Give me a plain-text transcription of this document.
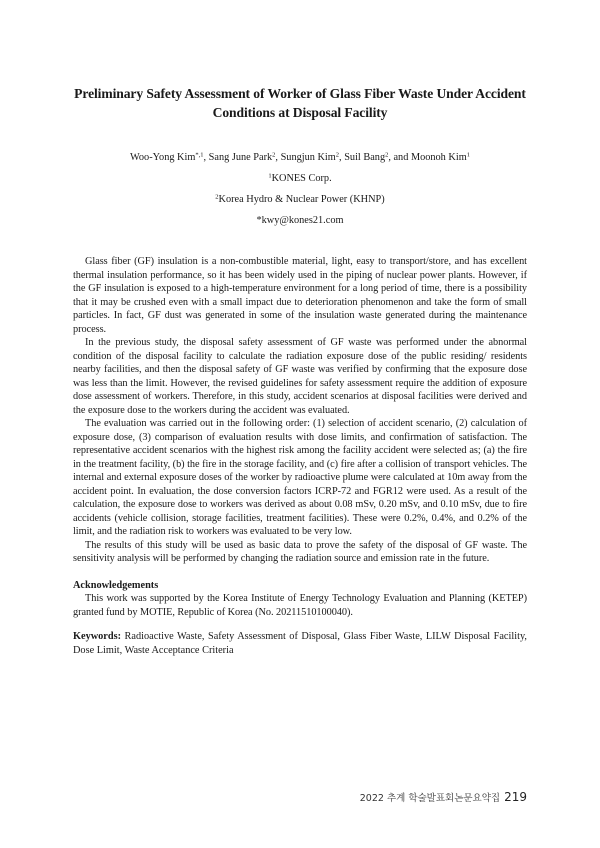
Preliminary Safety Assessment of Worker of Glass Fiber Waste Under Accident
Conditions at Disposal Facility
Woo-Yong Kim$^{*,1}$, Sang June Park$^2$, Sungjun Kim$^2$, Suil Bang$^2$, and Moonoh Kim$^1$
$^1$KONES Corp.
$^2$Korea Hydro & Nuclear Power (KHNP)
*kwy@kones21.com

Glass fiber (GF) insulation is a non-combustible material, light, easy to transport/store, and has excellent thermal insulation performance, so it has been widely used in the piping of nuclear power plants. However, if the GF insulation is exposed to a high-temperature environment for a long period of time, there is a possibility that it may be crushed even with a small impact due to deterioration phenomenon and take the form of small particles. In fact, GF dust was generated in some of the insulation waste generated during the maintenance process.

In the previous study, the disposal safety assessment of GF waste was performed under the abnormal condition of the disposal facility to calculate the radiation exposure dose of the public residing/ residents nearby facilities, and then the disposal safety of GF waste was verified by confirming that the exposure dose was less than the limit. However, the revised guidelines for safety assessment require the addition of exposure dose assessment of workers. Therefore, in this study, accident scenarios at disposal facilities were derived and the exposure dose to the workers during the accident was evaluated.

The evaluation was carried out in the following order: (1) selection of accident scenario, (2) calculation of exposure dose, (3) comparison of evaluation results with dose limits, and confirmation of satisfaction. The representative accident scenarios with the highest risk among the facility accident were selected as; (a) the fire in the treatment facility, (b) the fire in the storage facility, and (c) fire after a collision of transport vehicles. The internal and external exposure doses of the worker by radioactive plume were calculated at 10m away from the accident point. In evaluation, the dose conversion factors ICRP-72 and FGR12 were used. As a result of the calculation, the exposure dose to workers was derived as about 0.08 mSv, 0.20 mSv, and 0.10 mSv, due to fire accidents (vehicle collision, storage facilities, treatment facilities). These were 0.2%, 0.4%, and 0.2% of the limit, and the radiation risk to workers was evaluated to be very low.

The results of this study will be used as basic data to prove the safety of the disposal of GF waste. The sensitivity analysis will be performed by changing the radiation source and emission rate in the future.

Acknowledgements

This work was supported by the Korea Institute of Energy Technology Evaluation and Planning (KETEP) granted fund by MOTIE, Republic of Korea (No. 20211510100040).

Keywords: Radioactive Waste, Safety Assessment of Disposal, Glass Fiber Waste, LILW Disposal Facility, Dose Limit, Waste Acceptance Criteria
2022 추계 학술발표회논문요약집 219
